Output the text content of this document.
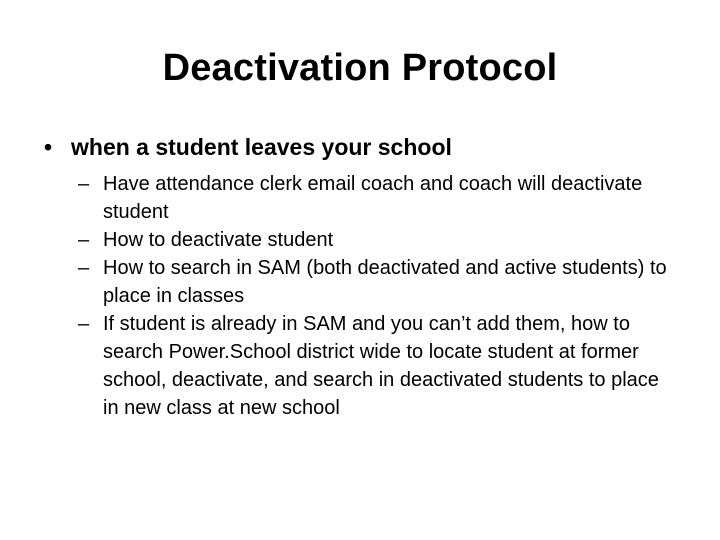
Deactivation Protocol
• when a student leaves your school
– Have attendance clerk email coach and coach will deactivate student
– How to deactivate student
– How to search in SAM (both deactivated and active students) to place in classes
– If student is already in SAM and you can’t add them, how to search Power.School district wide to locate student at former school, deactivate, and search in deactivated students to place in new class at new school
